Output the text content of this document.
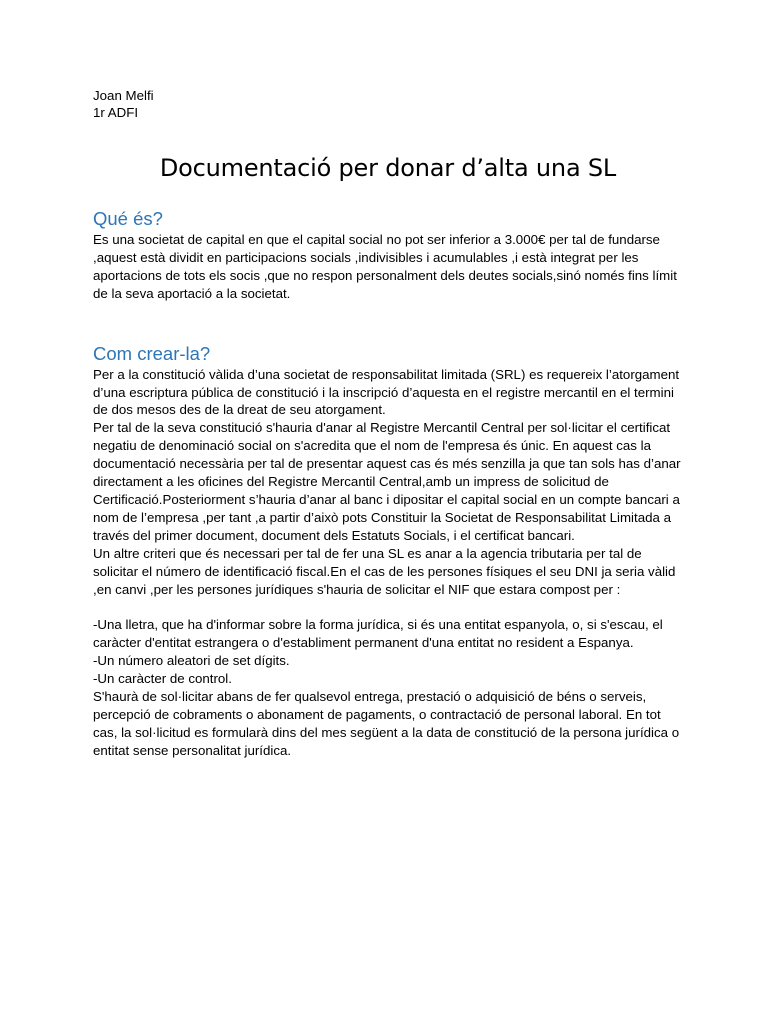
Joan Melfi
1r ADFI
Documentació per donar d’alta una SL
Qué és?

Es una societat de capital en que el capital social no pot ser inferior a 3.000€ per tal de fundarse ,aquest està dividit en participacions socials ,indivisibles i acumulables ,i està integrat per les aportacions de tots els socis ,que no respon personalment dels deutes socials,sinó només fins límit de la seva aportació a la societat.

Com crear-la?

Per a la constitució vàlida d’una societat de responsabilitat limitada (SRL) es requereix l’atorgament d’una escriptura pública de constitució i la inscripció d’aquesta en el registre mercantil en el termini de dos mesos des de la dreat de seu atorgament.

Per tal de la seva constitució s'hauria d'anar al Registre Mercantil Central per sol·licitar el certificat negatiu de denominació social on s'acredita que el nom de l'empresa és únic. En aquest cas la documentació necessària per tal de presentar aquest cas és més senzilla ja que tan sols has d’anar directament a les oficines del Registre Mercantil Central,amb un impress de solicitud de Certificació.Posteriorment s’hauria d’anar al banc i dipositar el capital social en un compte bancari a nom de l’empresa ,per tant ,a partir d’això pots Constituir la Societat de Responsabilitat Limitada a través del primer document, document dels Estatuts Socials, i el certificat bancari.

Un altre criteri que és necessari per tal de fer una SL es anar a la agencia tributaria per tal de solicitar el número de identificació fiscal.En el cas de les persones físiques el seu DNI ja seria vàlid ,en canvi ,per les persones jurídiques s'hauria de solicitar el NIF que estara compost per :

-Una lletra, que ha d'informar sobre la forma jurídica, si és una entitat espanyola, o, si s'escau, el caràcter d'entitat estrangera o d'establiment permanent d'una entitat no resident a Espanya.
-Un número aleatori de set dígits.
-Un caràcter de control.

S'haurà de sol·licitar abans de fer qualsevol entrega, prestació o adquisició de béns o serveis, percepció de cobraments o abonament de pagaments, o contractació de personal laboral. En tot cas, la sol·licitud es formularà dins del mes següent a la data de constitució de la persona jurídica o entitat sense personalitat jurídica.
